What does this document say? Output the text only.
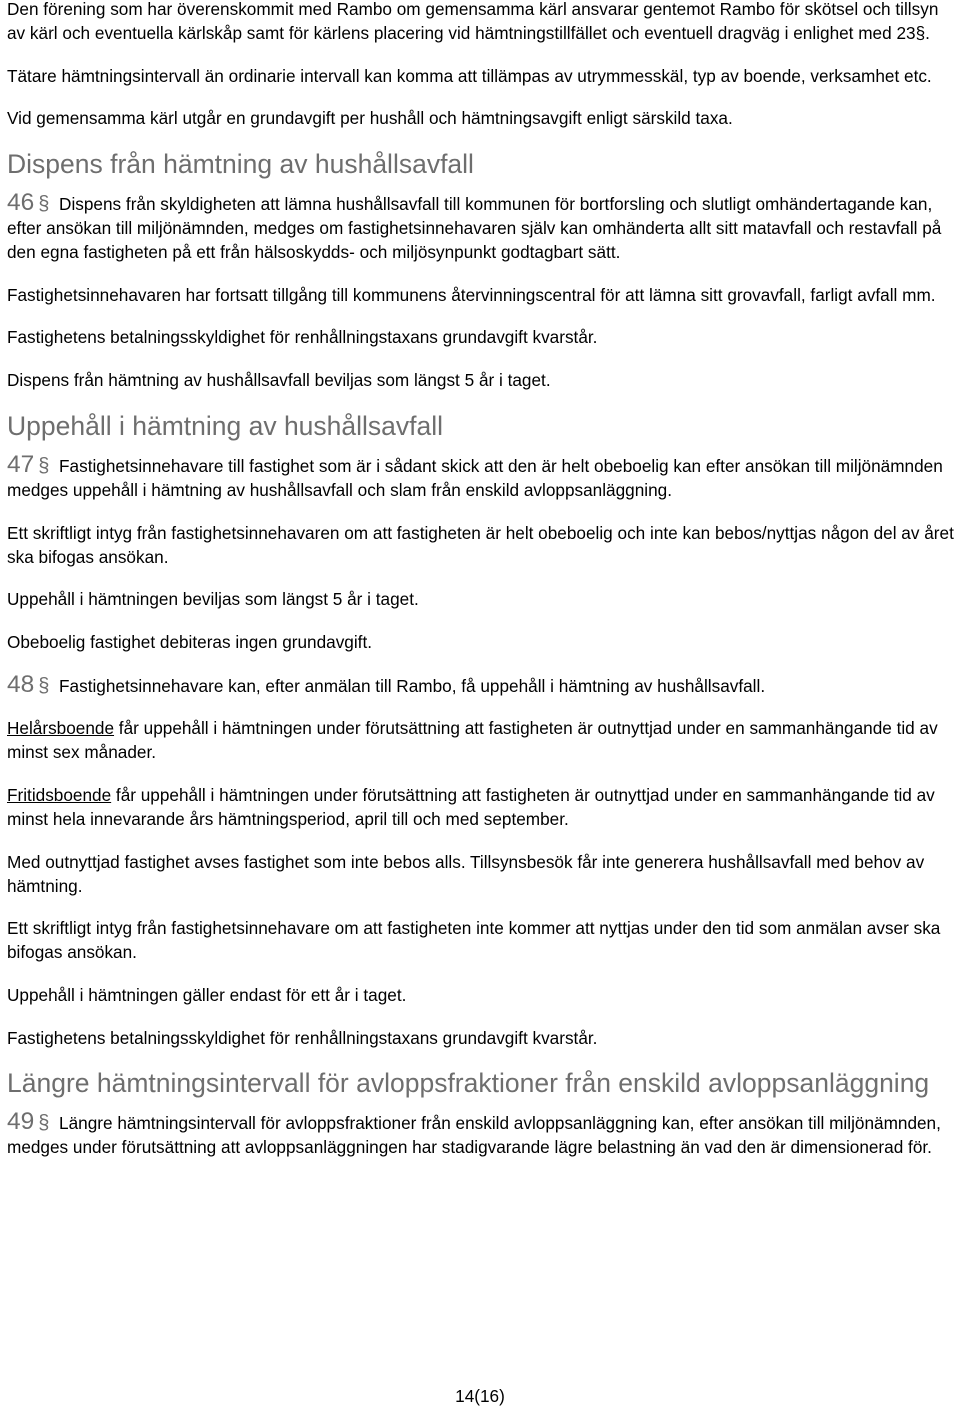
Den förening som har överenskommit med Rambo om gemensamma kärl ansvarar gentemot Rambo för skötsel och tillsyn av kärl och eventuella kärlskåp samt för kärlens placering vid hämtningstillfället och eventuell dragväg i enlighet med 23§.

Tätare hämtningsintervall än ordinarie intervall kan komma att tillämpas av utrymmesskäl, typ av boende, verksamhet etc.

Vid gemensamma kärl utgår en grundavgift per hushåll och hämtningsavgift enligt särskild taxa.

Dispens från hämtning av hushållsavfall

46 § Dispens från skyldigheten att lämna hushållsavfall till kommunen för bortforsling och slutligt omhändertagande kan, efter ansökan till miljönämnden, medges om fastighetsinnehavaren själv kan omhänderta allt sitt matavfall och restavfall på den egna fastigheten på ett från hälsoskydds- och miljösynpunkt godtagbart sätt.

Fastighetsinnehavaren har fortsatt tillgång till kommunens återvinningscentral för att lämna sitt grovavfall, farligt avfall mm.

Fastighetens betalningsskyldighet för renhållningstaxans grundavgift kvarstår.

Dispens från hämtning av hushållsavfall beviljas som längst 5 år i taget.

Uppehåll i hämtning av hushållsavfall

47 § Fastighetsinnehavare till fastighet som är i sådant skick att den är helt obeboelig kan efter ansökan till miljönämnden medges uppehåll i hämtning av hushållsavfall och slam från enskild avloppsanläggning.

Ett skriftligt intyg från fastighetsinnehavaren om att fastigheten är helt obeboelig och inte kan bebos/nyttjas någon del av året ska bifogas ansökan.

Uppehåll i hämtningen beviljas som längst 5 år i taget.

Obeboelig fastighet debiteras ingen grundavgift.

48 § Fastighetsinnehavare kan, efter anmälan till Rambo, få uppehåll i hämtning av hushållsavfall.

Helårsboende får uppehåll i hämtningen under förutsättning att fastigheten är outnyttjad under en sammanhängande tid av minst sex månader.

Fritidsboende får uppehåll i hämtningen under förutsättning att fastigheten är outnyttjad under en sammanhängande tid av minst hela innevarande års hämtningsperiod, april till och med september.

Med outnyttjad fastighet avses fastighet som inte bebos alls. Tillsynsbesök får inte generera hushållsavfall med behov av hämtning.

Ett skriftligt intyg från fastighetsinnehavare om att fastigheten inte kommer att nyttjas under den tid som anmälan avser ska bifogas ansökan.

Uppehåll i hämtningen gäller endast för ett år i taget.

Fastighetens betalningsskyldighet för renhållningstaxans grundavgift kvarstår.

Längre hämtningsintervall för avloppsfraktioner från enskild avloppsanläggning

49 § Längre hämtningsintervall för avloppsfraktioner från enskild avloppsanläggning kan, efter ansökan till miljönämnden, medges under förutsättning att avloppsanläggningen har stadigvarande lägre belastning än vad den är dimensionerad för.

14(16)
